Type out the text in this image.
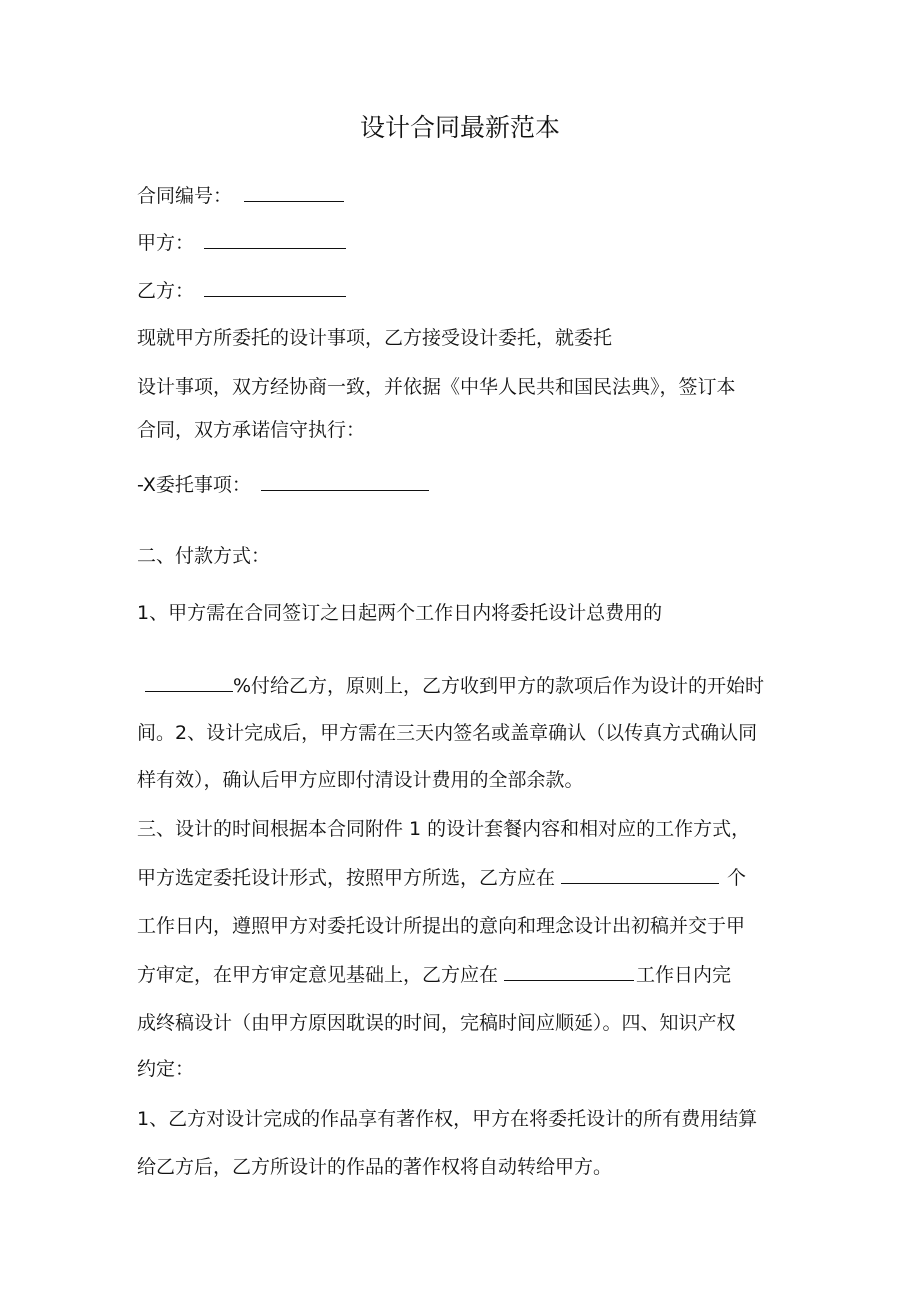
设计合同最新范本
合同编号：
甲方：
乙方：
现就甲方所委托的设计事项，乙方接受设计委托，就委托
设计事项，双方经协商一致，并依据《中华人民共和国民法典》，签订本
合同，双方承诺信守执行：
-X委托事项：
二、付款方式：
1、甲方需在合同签订之日起两个工作日内将委托设计总费用的
%付给乙方，原则上，乙方收到甲方的款项后作为设计的开始时
间。2、设计完成后，甲方需在三天内签名或盖章确认（以传真方式确认同
样有效），确认后甲方应即付清设计费用的全部余款。
三、设计的时间根据本合同附件 1 的设计套餐内容和相对应的工作方式，
甲方选定委托设计形式，按照甲方所选，乙方应在	个
工作日内，遵照甲方对委托设计所提出的意向和理念设计出初稿并交于甲
方审定，在甲方审定意见基础上，乙方应在	工作日内完
成终稿设计（由甲方原因耽误的时间，完稿时间应顺延）。四、知识产权
约定：
1、乙方对设计完成的作品享有著作权，甲方在将委托设计的所有费用结算
给乙方后，乙方所设计的作品的著作权将自动转给甲方。
